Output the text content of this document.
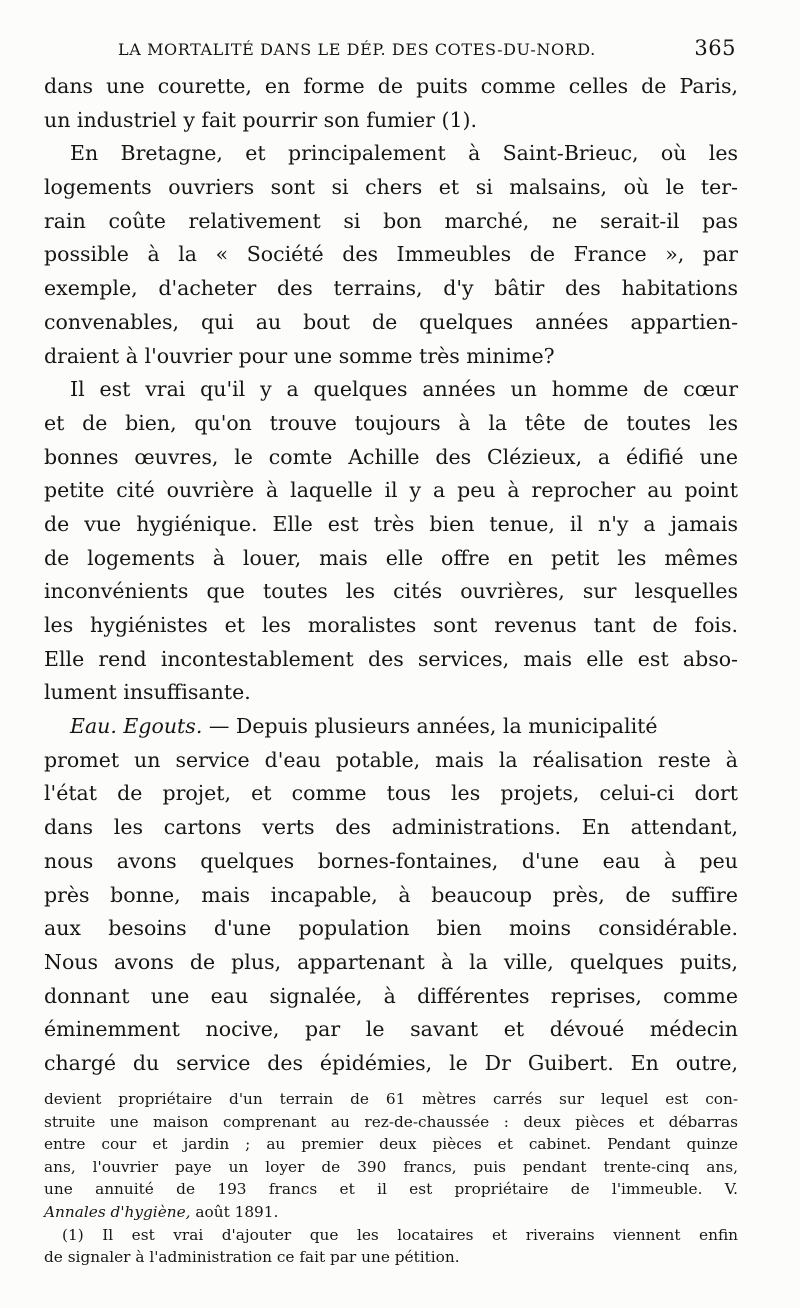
LA MORTALITÉ DANS LE DÉP. DES COTES-DU-NORD.	365
dans une courette, en forme de puits comme celles de Paris,
un industriel y fait pourrir son fumier (1).
En Bretagne, et principalement à Saint-Brieuc, où les
logements ouvriers sont si chers et si malsains, où le ter-
rain coûte relativement si bon marché, ne serait-il pas
possible à la « Société des Immeubles de France », par
exemple, d'acheter des terrains, d'y bâtir des habitations
convenables, qui au bout de quelques années appartien-
draient à l'ouvrier pour une somme très minime?
Il est vrai qu'il y a quelques années un homme de cœur
et de bien, qu'on trouve toujours à la tête de toutes les
bonnes œuvres, le comte Achille des Clézieux, a édifié une
petite cité ouvrière à laquelle il y a peu à reprocher au point
de vue hygiénique. Elle est très bien tenue, il n'y a jamais
de logements à louer, mais elle offre en petit les mêmes
inconvénients que toutes les cités ouvrières, sur lesquelles
les hygiénistes et les moralistes sont revenus tant de fois.
Elle rend incontestablement des services, mais elle est abso-
lument insuffisante.
Eau. Egouts. — Depuis plusieurs années, la municipalité
promet un service d'eau potable, mais la réalisation reste à
l'état de projet, et comme tous les projets, celui-ci dort
dans les cartons verts des administrations. En attendant,
nous avons quelques bornes-fontaines, d'une eau à peu
près bonne, mais incapable, à beaucoup près, de suffire
aux besoins d'une population bien moins considérable.
Nous avons de plus, appartenant à la ville, quelques puits,
donnant une eau signalée, à différentes reprises, comme
éminemment nocive, par le savant et dévoué médecin
chargé du service des épidémies, le Dr Guibert. En outre,
devient propriétaire d'un terrain de 61 mètres carrés sur lequel est con-
struite une maison comprenant au rez-de-chaussée : deux pièces et débarras
entre cour et jardin ; au premier deux pièces et cabinet. Pendant quinze
ans, l'ouvrier paye un loyer de 390 francs, puis pendant trente-cinq ans,
une annuité de 193 francs et il est propriétaire de l'immeuble. V.
Annales d'hygiène, août 1891.
(1) Il est vrai d'ajouter que les locataires et riverains viennent enfin
de signaler à l'administration ce fait par une pétition.
